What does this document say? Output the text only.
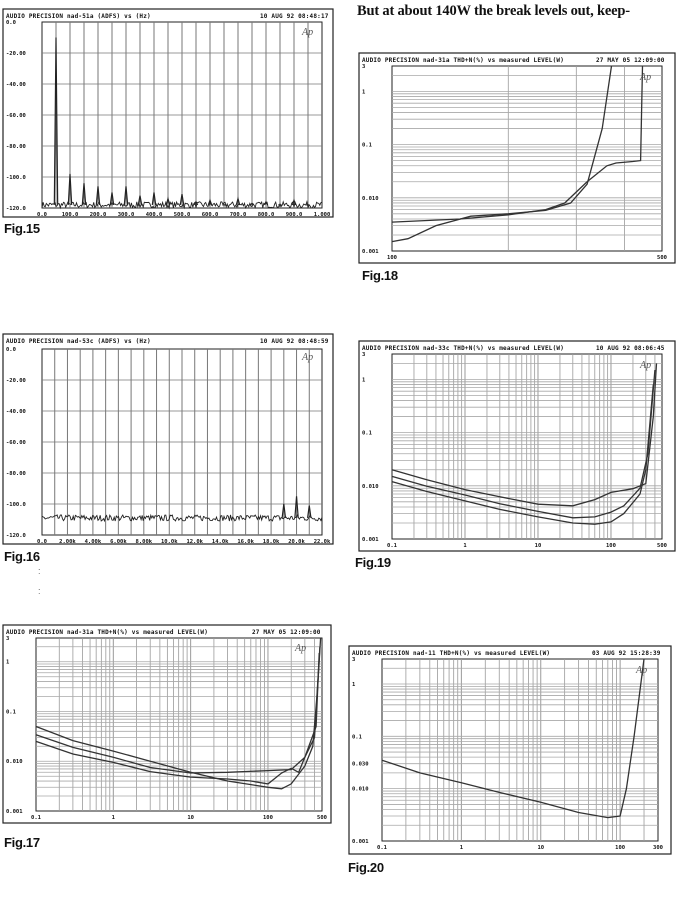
But at about 140W the break levels out, keep-
:
:
0.0	100.0 200.0 300.0 400.0 500.0 600.0 700.0 800.0 900.0 1.000
0.0
-20.00
-40.00
-60.00
-80.00
-100.0
-120.0
AUDIO PRECISION nad-51a (ADFS) vs (Hz)	10 AUG 92 08:48:17
Ap
Fig.15
0.0 2.00k 4.00k 6.00k 8.00k 10.0k 12.0k 14.0k 16.0k 18.0k 20.0k 22.0k
0.0
-20.00
-40.00
-60.00
-80.00
-100.0
-120.0
AUDIO PRECISION nad-53c (ADFS) vs (Hz)	10 AUG 92 08:48:59
Ap
Fig.16
0.1	1	10	100	500
0.001
0.010
0.1
1
3
AUDIO PRECISION nad-31a THD+N(%) vs measured LEVEL(W)	27 MAY 05 12:09:00
Ap
Fig.17
100	500
0.001
0.010
0.1
1
3
AUDIO PRECISION nad-31a THD+N(%) vs measured LEVEL(W)	27 MAY 05 12:09:00
Ap
Fig.18
0.1	1	10	100	500
0.001
0.010
0.1
1
3
AUDIO PRECISION nad-33c THD+N(%) vs measured LEVEL(W)	10 AUG 92 08:06:45
Ap
Fig.19
0.1	1	10	100	300
0.001
0.010
0.030
0.1
1
3
AUDIO PRECISION nad-11 THD+N(%) vs measured LEVEL(W)	03 AUG 92 15:28:39
Ap
Fig.20
